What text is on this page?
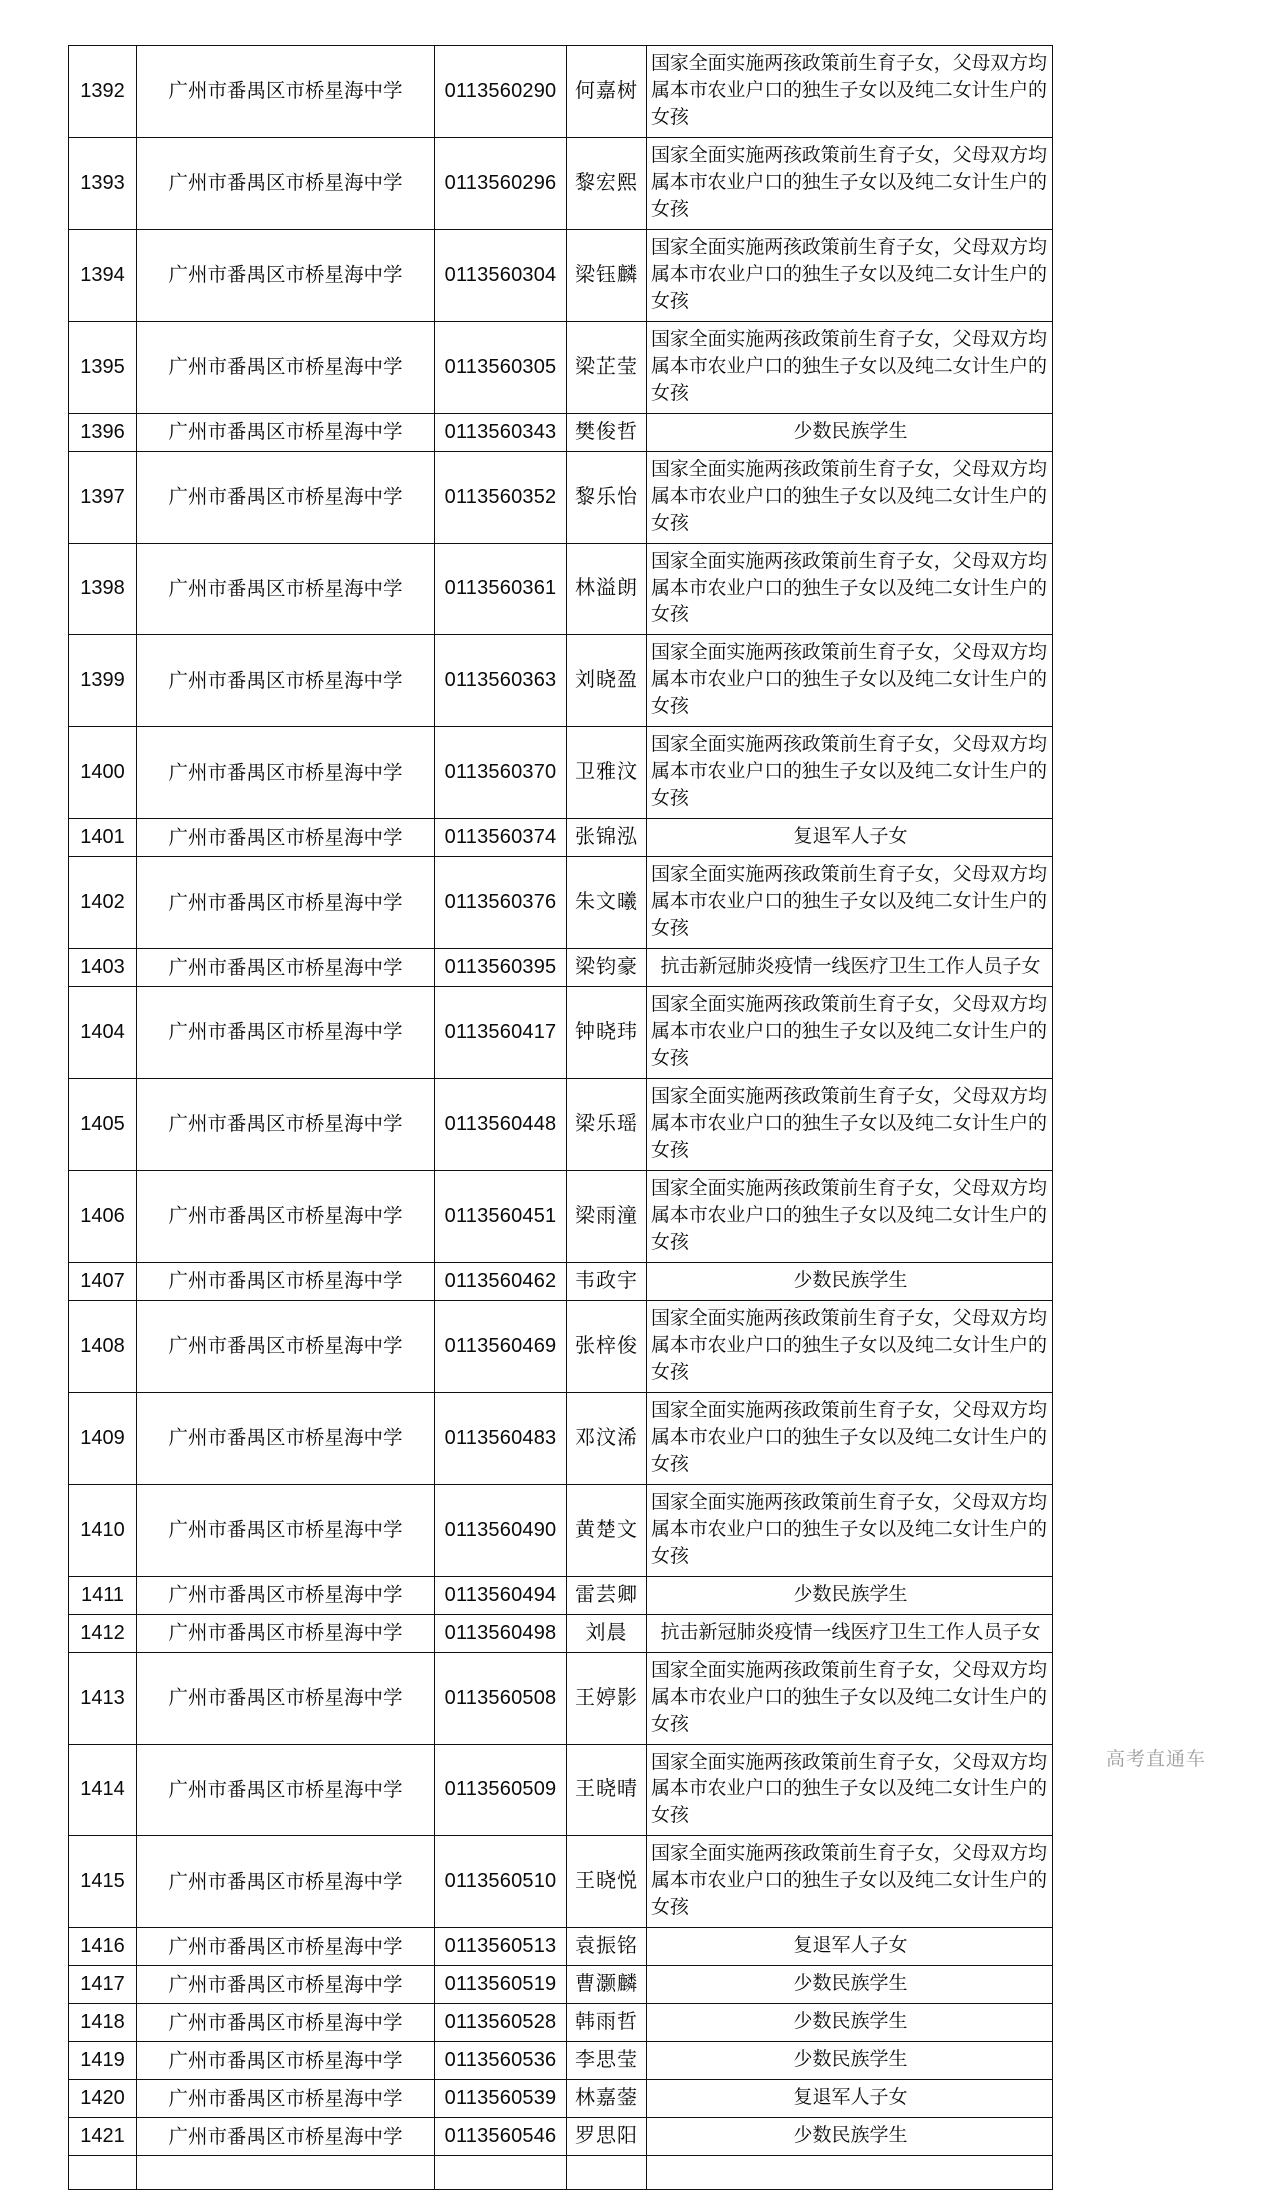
1392	广州市番禺区市桥星海中学	0113560290	何嘉树	国家全面实施两孩政策前生育子女，父母双方均属本市农业户口的独生子女以及纯二女计生户的女孩

1393	广州市番禺区市桥星海中学	0113560296	黎宏熙	国家全面实施两孩政策前生育子女，父母双方均属本市农业户口的独生子女以及纯二女计生户的女孩

1394	广州市番禺区市桥星海中学	0113560304	梁钰麟	国家全面实施两孩政策前生育子女，父母双方均属本市农业户口的独生子女以及纯二女计生户的女孩

1395	广州市番禺区市桥星海中学	0113560305	梁芷莹	国家全面实施两孩政策前生育子女，父母双方均属本市农业户口的独生子女以及纯二女计生户的女孩

1396	广州市番禺区市桥星海中学	0113560343	樊俊哲	少数民族学生

1397	广州市番禺区市桥星海中学	0113560352	黎乐怡	国家全面实施两孩政策前生育子女，父母双方均属本市农业户口的独生子女以及纯二女计生户的女孩

1398	广州市番禺区市桥星海中学	0113560361	林溢朗	国家全面实施两孩政策前生育子女，父母双方均属本市农业户口的独生子女以及纯二女计生户的女孩

1399	广州市番禺区市桥星海中学	0113560363	刘晓盈	国家全面实施两孩政策前生育子女，父母双方均属本市农业户口的独生子女以及纯二女计生户的女孩

1400	广州市番禺区市桥星海中学	0113560370	卫雅汶	国家全面实施两孩政策前生育子女，父母双方均属本市农业户口的独生子女以及纯二女计生户的女孩

1401	广州市番禺区市桥星海中学	0113560374	张锦泓	复退军人子女

1402	广州市番禺区市桥星海中学	0113560376	朱文曦	国家全面实施两孩政策前生育子女，父母双方均属本市农业户口的独生子女以及纯二女计生户的女孩

1403	广州市番禺区市桥星海中学	0113560395	梁钧豪	抗击新冠肺炎疫情一线医疗卫生工作人员子女

1404	广州市番禺区市桥星海中学	0113560417	钟晓玮	国家全面实施两孩政策前生育子女，父母双方均属本市农业户口的独生子女以及纯二女计生户的女孩

1405	广州市番禺区市桥星海中学	0113560448	梁乐瑶	国家全面实施两孩政策前生育子女，父母双方均属本市农业户口的独生子女以及纯二女计生户的女孩

1406	广州市番禺区市桥星海中学	0113560451	梁雨潼	国家全面实施两孩政策前生育子女，父母双方均属本市农业户口的独生子女以及纯二女计生户的女孩

1407	广州市番禺区市桥星海中学	0113560462	韦政宇	少数民族学生

1408	广州市番禺区市桥星海中学	0113560469	张梓俊	国家全面实施两孩政策前生育子女，父母双方均属本市农业户口的独生子女以及纯二女计生户的女孩

1409	广州市番禺区市桥星海中学	0113560483	邓汶浠	国家全面实施两孩政策前生育子女，父母双方均属本市农业户口的独生子女以及纯二女计生户的女孩

1410	广州市番禺区市桥星海中学	0113560490	黄楚文	国家全面实施两孩政策前生育子女，父母双方均属本市农业户口的独生子女以及纯二女计生户的女孩

1411	广州市番禺区市桥星海中学	0113560494	雷芸卿	少数民族学生

1412	广州市番禺区市桥星海中学	0113560498	刘晨	抗击新冠肺炎疫情一线医疗卫生工作人员子女

1413	广州市番禺区市桥星海中学	0113560508	王婷影	国家全面实施两孩政策前生育子女，父母双方均属本市农业户口的独生子女以及纯二女计生户的女孩

1414	广州市番禺区市桥星海中学	0113560509	王晓晴	国家全面实施两孩政策前生育子女，父母双方均属本市农业户口的独生子女以及纯二女计生户的女孩

1415	广州市番禺区市桥星海中学	0113560510	王晓悦	国家全面实施两孩政策前生育子女，父母双方均属本市农业户口的独生子女以及纯二女计生户的女孩

1416	广州市番禺区市桥星海中学	0113560513	袁振铭	复退军人子女

1417	广州市番禺区市桥星海中学	0113560519	曹灏麟	少数民族学生

1418	广州市番禺区市桥星海中学	0113560528	韩雨哲	少数民族学生

1419	广州市番禺区市桥星海中学	0113560536	李思莹	少数民族学生

1420	广州市番禺区市桥星海中学	0113560539	林嘉蓥	复退军人子女

1421	广州市番禺区市桥星海中学	0113560546	罗思阳	少数民族学生

高考直通车
